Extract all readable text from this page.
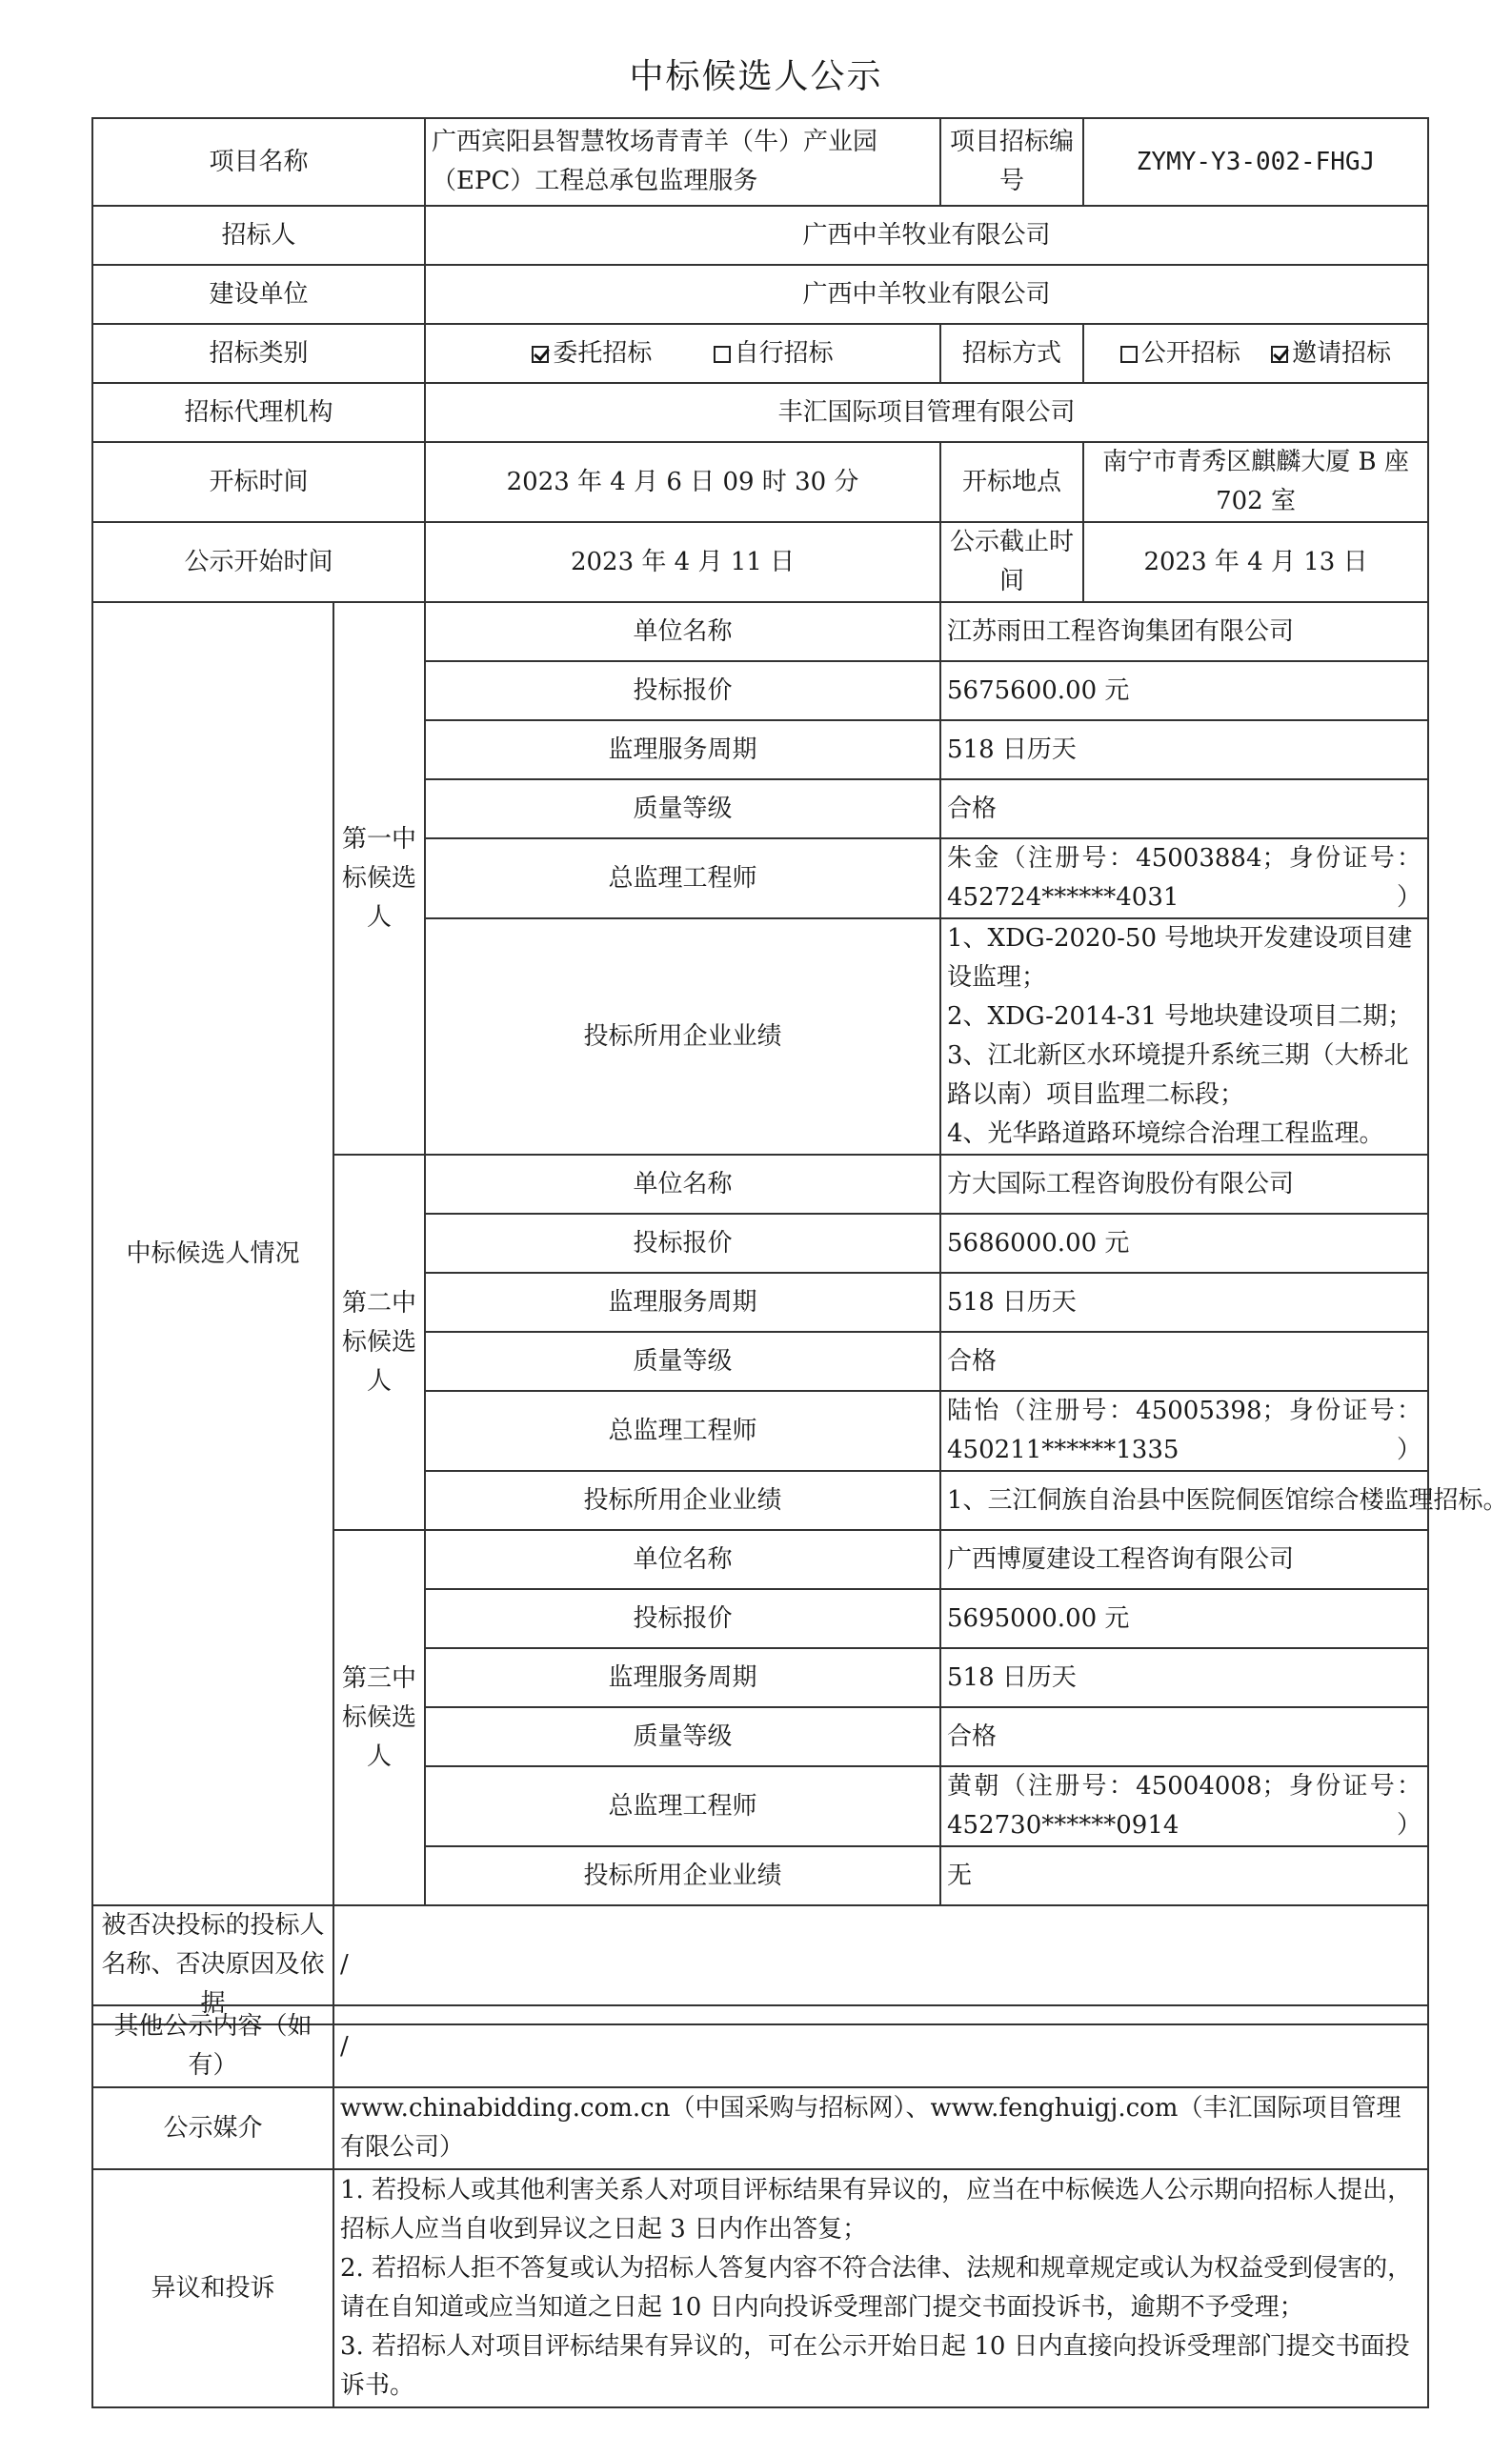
中标候选人公示
项目名称		广西宾阳县智慧牧场青青羊（牛）产业园（EPC）工程总承包监理服务	项目招标编号	ZYMY-Y3-002-FHGJ
招标人		广西中羊牧业有限公司		
建设单位		广西中羊牧业有限公司		
招标类别		委托招标 自行招标	招标方式	公开招标 邀请招标
招标代理机构		丰汇国际项目管理有限公司		
开标时间		2023 年 4 月 6 日 09 时 30 分	开标地点	南宁市青秀区麒麟大厦 B 座 702 室
公示开始时间		2023 年 4 月 11 日	公示截止时间	2023 年 4 月 13 日
中标候选人情况	第一中标候选人	单位名称	江苏雨田工程咨询集团有限公司	
		投标报价	5675600.00 元	
		监理服务周期	518 日历天	
		质量等级	合格	
		总监理工程师	朱金（注册号：45003884；身份证号：452724******4031）	
		投标所用企业业绩	1、XDG-2020-50 号地块开发建设项目建设监理；
2、XDG-2014-31 号地块建设项目二期；
3、江北新区水环境提升系统三期（大桥北路以南）项目监理二标段；
4、光华路道路环境综合治理工程监理。	

	第二中标候选人	单位名称	方大国际工程咨询股份有限公司	
		投标报价	5686000.00 元	
		监理服务周期	518 日历天	
		质量等级	合格	
		总监理工程师	陆怡（注册号：45005398；身份证号：450211******1335）	
		投标所用企业业绩	1、三江侗族自治县中医院侗医馆综合楼监理招标。	

	第三中标候选人	单位名称	广西博厦建设工程咨询有限公司	
		投标报价	5695000.00 元	
		监理服务周期	518 日历天	
		质量等级	合格	
		总监理工程师	黄朝（注册号：45004008；身份证号：452730******0914）	
		投标所用企业业绩	无	

被否决投标的投标人名称、否决原因及依据	/			
其他公示内容（如有）	/
公示媒介	www.chinabidding.com.cn（中国采购与招标网）、www.fenghuigj.com（丰汇国际项目管理有限公司）
异议和投诉	1. 若投标人或其他利害关系人对项目评标结果有异议的，应当在中标候选人公示期向招标人提出，招标人应当自收到异议之日起 3 日内作出答复；
2. 若招标人拒不答复或认为招标人答复内容不符合法律、法规和规章规定或认为权益受到侵害的，请在自知道或应当知道之日起 10 日内向投诉受理部门提交书面投诉书，逾期不予受理；
3. 若招标人对项目评标结果有异议的，可在公示开始日起 10 日内直接向投诉受理部门提交书面投诉书。
